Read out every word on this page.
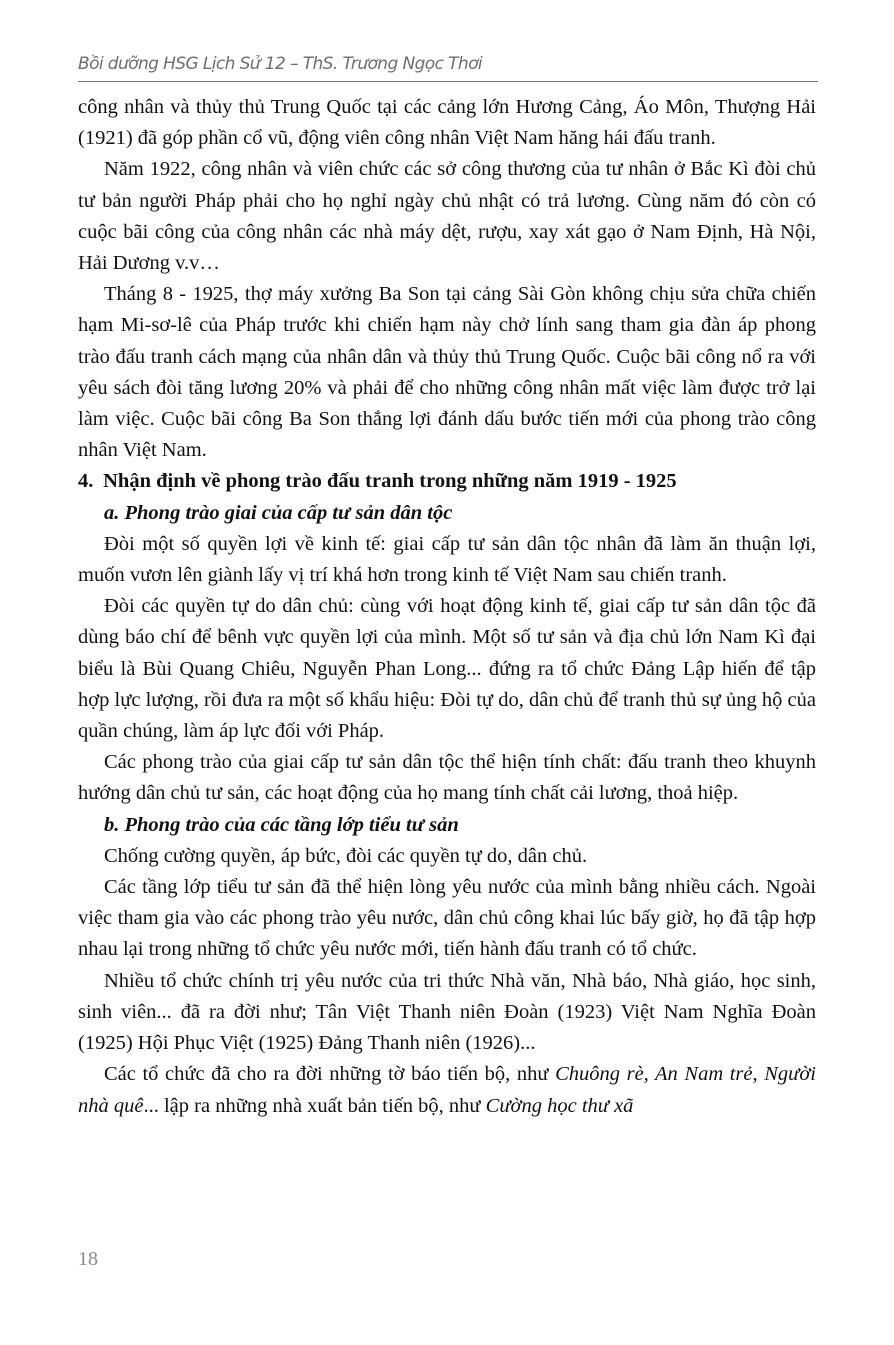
Bồi dưỡng HSG Lịch Sử 12 – ThS. Trương Ngọc Thơi

công nhân và thủy thủ Trung Quốc tại các cảng lớn Hương Cảng, Áo Môn, Thượng Hải (1921) đã góp phần cổ vũ, động viên công nhân Việt Nam hăng hái đấu tranh.

Năm 1922, công nhân và viên chức các sở công thương của tư nhân ở Bắc Kì đòi chủ tư bản người Pháp phải cho họ nghỉ ngày chủ nhật có trả lương. Cùng năm đó còn có cuộc bãi công của công nhân các nhà máy dệt, rượu, xay xát gạo ở Nam Định, Hà Nội, Hải Dương v.v…

Tháng 8 - 1925, thợ máy xưởng Ba Son tại cảng Sài Gòn không chịu sửa chữa chiến hạm Mi-sơ-lê của Pháp trước khi chiến hạm này chở lính sang tham gia đàn áp phong trào đấu tranh cách mạng của nhân dân và thủy thủ Trung Quốc. Cuộc bãi công nổ ra với yêu sách đòi tăng lương 20% và phải để cho những công nhân mất việc làm được trở lại làm việc. Cuộc bãi công Ba Son thắng lợi đánh dấu bước tiến mới của phong trào công nhân Việt Nam.

4. Nhận định về phong trào đấu tranh trong những năm 1919 - 1925

a. Phong trào giai của cấp tư sản dân tộc

Đòi một số quyền lợi về kinh tế: giai cấp tư sản dân tộc nhân đã làm ăn thuận lợi, muốn vươn lên giành lấy vị trí khá hơn trong kinh tế Việt Nam sau chiến tranh.

Đòi các quyền tự do dân chủ: cùng với hoạt động kinh tế, giai cấp tư sản dân tộc đã dùng báo chí để bênh vực quyền lợi của mình. Một số tư sản và địa chủ lớn Nam Kì đại biểu là Bùi Quang Chiêu, Nguyễn Phan Long... đứng ra tổ chức Đảng Lập hiến để tập hợp lực lượng, rồi đưa ra một số khẩu hiệu: Đòi tự do, dân chủ để tranh thủ sự ủng hộ của quần chúng, làm áp lực đối với Pháp.

Các phong trào của giai cấp tư sản dân tộc thể hiện tính chất: đấu tranh theo khuynh hướng dân chủ tư sản, các hoạt động của họ mang tính chất cải lương, thoả hiệp.

b. Phong trào của các tầng lớp tiểu tư sản

Chống cường quyền, áp bức, đòi các quyền tự do, dân chủ.

Các tầng lớp tiểu tư sản đã thể hiện lòng yêu nước của mình bằng nhiều cách. Ngoài việc tham gia vào các phong trào yêu nước, dân chủ công khai lúc bấy giờ, họ đã tập hợp nhau lại trong những tổ chức yêu nước mới, tiến hành đấu tranh có tổ chức.

Nhiều tổ chức chính trị yêu nước của tri thức Nhà văn, Nhà báo, Nhà giáo, học sinh, sinh viên... đã ra đời như; Tân Việt Thanh niên Đoàn (1923) Việt Nam Nghĩa Đoàn (1925) Hội Phục Việt (1925) Đảng Thanh niên (1926)...

Các tổ chức đã cho ra đời những tờ báo tiến bộ, như Chuông rè, An Nam trẻ, Người nhà quê... lập ra những nhà xuất bản tiến bộ, như Cường học thư xã

18
